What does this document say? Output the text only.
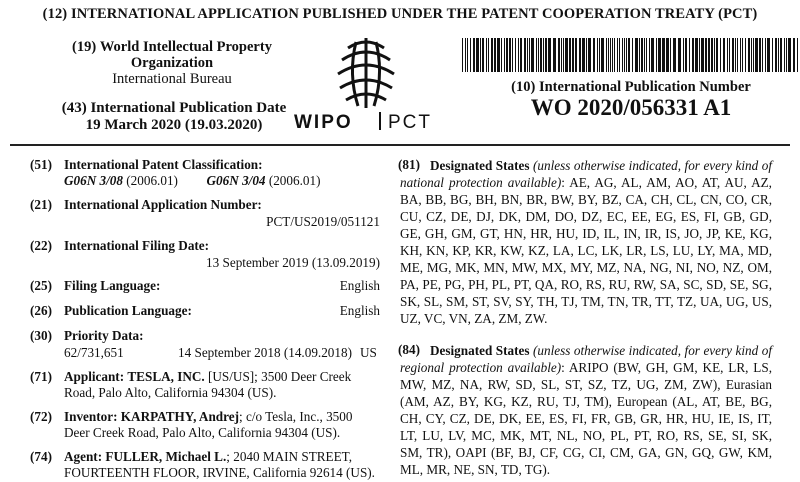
(12) INTERNATIONAL APPLICATION PUBLISHED UNDER THE PATENT COOPERATION TREATY (PCT)
(19) World Intellectual Property
Organization
International Bureau
(43) International Publication Date
19 March 2020 (19.03.2020)	WIPO PCT
(10) International Publication Number
WO 2020/056331 A1
(51) International Patent Classification:
G06N 3/08 (2006.01) G06N 3/04 (2006.01)
(21) International Application Number:
PCT/US2019/051121
(22) International Filing Date:
13 September 2019 (13.09.2019)
(25) Filing Language:	English
(26) Publication Language:	English
(30) Priority Data:
62/731,651	14 September 2018 (14.09.2018) US
(71) Applicant: TESLA, INC. [US/US]; 3500 Deer Creek
Road, Palo Alto, California 94304 (US).
(72) Inventor: KARPATHY, Andrej; c/o Tesla, Inc., 3500
Deer Creek Road, Palo Alto, California 94304 (US).
(74) Agent: FULLER, Michael L.; 2040 MAIN STREET,
FOURTEENTH FLOOR, IRVINE, California 92614 (US).
(81) Designated States (unless otherwise indicated, for every kind of national protection available): AE, AG, AL, AM, AO, AT, AU, AZ, BA, BB, BG, BH, BN, BR, BW, BY, BZ, CA, CH, CL, CN, CO, CR, CU, CZ, DE, DJ, DK, DM, DO, DZ, EC, EE, EG, ES, FI, GB, GD, GE, GH, GM, GT, HN, HR, HU, ID, IL, IN, IR, IS, JO, JP, KE, KG, KH, KN, KP, KR, KW, KZ, LA, LC, LK, LR, LS, LU, LY, MA, MD, ME, MG, MK, MN, MW, MX, MY, MZ, NA, NG, NI, NO, NZ, OM, PA, PE, PG, PH, PL, PT, QA, RO, RS, RU, RW, SA, SC, SD, SE, SG, SK, SL, SM, ST, SV, SY, TH, TJ, TM, TN, TR, TT, TZ, UA, UG, US, UZ, VC, VN, ZA, ZM, ZW.
(84) Designated States (unless otherwise indicated, for every kind of regional protection available): ARIPO (BW, GH, GM, KE, LR, LS, MW, MZ, NA, RW, SD, SL, ST, SZ, TZ, UG, ZM, ZW), Eurasian (AM, AZ, BY, KG, KZ, RU, TJ, TM), European (AL, AT, BE, BG, CH, CY, CZ, DE, DK, EE, ES, FI, FR, GB, GR, HR, HU, IE, IS, IT, LT, LU, LV, MC, MK, MT, NL, NO, PL, PT, RO, RS, SE, SI, SK, SM, TR), OAPI (BF, BJ, CF, CG, CI, CM, GA, GN, GQ, GW, KM, ML, MR, NE, SN, TD, TG).
